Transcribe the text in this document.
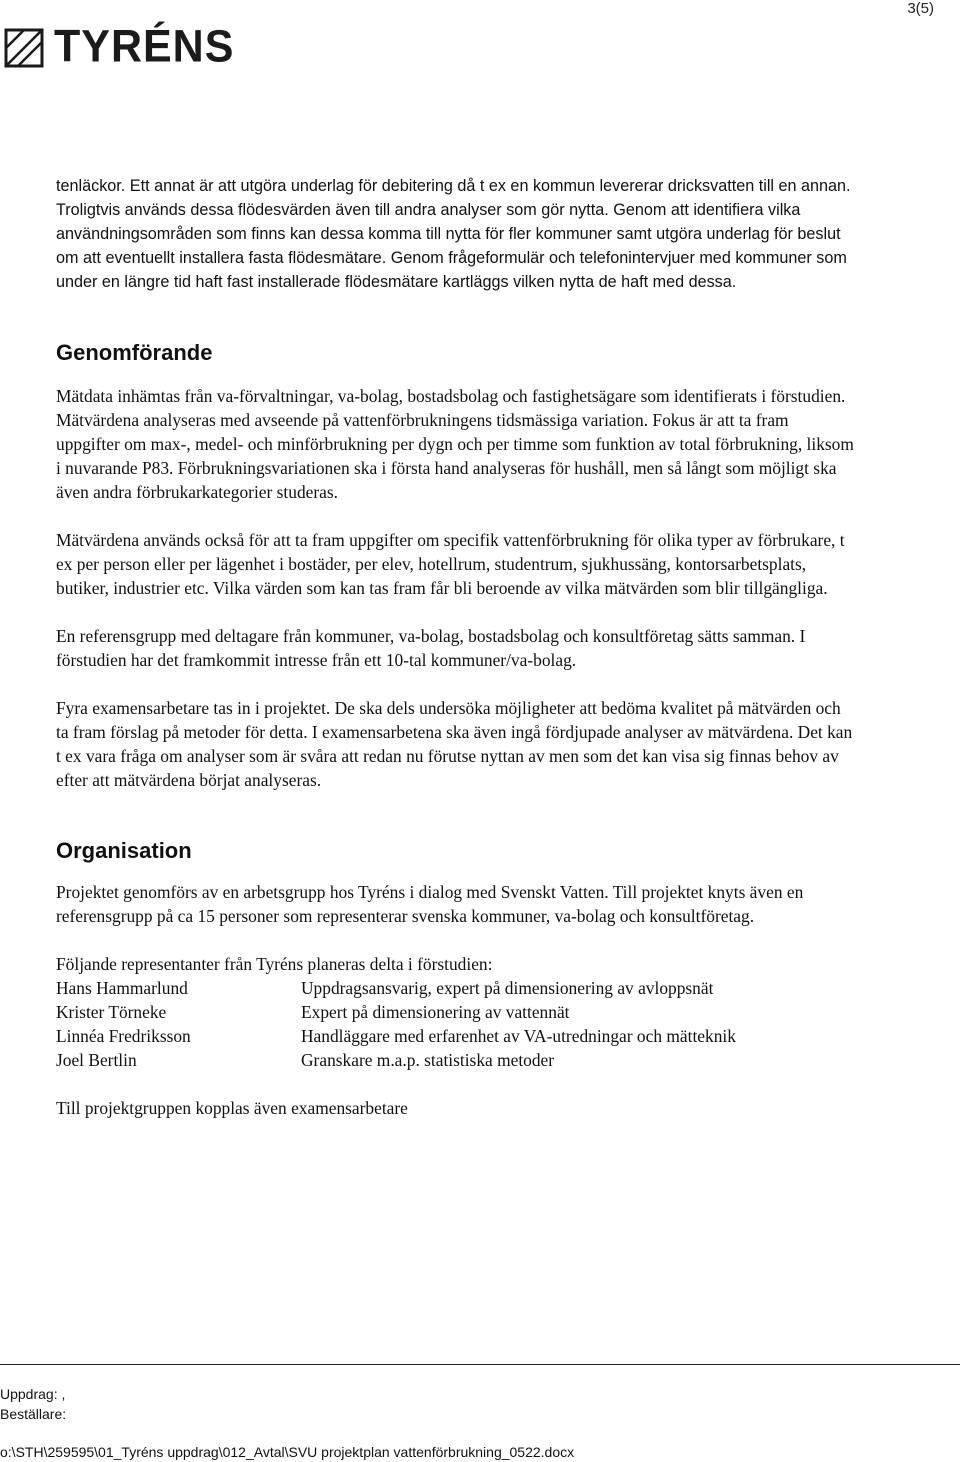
3(5)
TYRÉNS

tenläckor. Ett annat är att utgöra underlag för debitering då t ex en kommun levererar dricksvatten till en annan. Troligtvis används dessa flödesvärden även till andra analyser som gör nytta. Genom att identifiera vilka användningsområden som finns kan dessa komma till nytta för fler kommuner samt utgöra underlag för beslut om att eventuellt installera fasta flödesmätare. Genom frågeformulär och telefonintervjuer med kommuner som under en längre tid haft fast installerade flödesmätare kartläggs vilken nytta de haft med dessa.

Genomförande

Mätdata inhämtas från va-förvaltningar, va-bolag, bostadsbolag och fastighetsägare som identifierats i förstudien. Mätvärdena analyseras med avseende på vattenförbrukningens tidsmässiga variation. Fokus är att ta fram uppgifter om max-, medel- och minförbrukning per dygn och per timme som funktion av total förbrukning, liksom i nuvarande P83. Förbrukningsvariationen ska i första hand analyseras för hushåll, men så långt som möjligt ska även andra förbrukarkategorier studeras.

Mätvärdena används också för att ta fram uppgifter om specifik vattenförbrukning för olika typer av förbrukare, t ex per person eller per lägenhet i bostäder, per elev, hotellrum, studentrum, sjukhussäng, kontorsarbetsplats, butiker, industrier etc. Vilka värden som kan tas fram får bli beroende av vilka mätvärden som blir tillgängliga.

En referensgrupp med deltagare från kommuner, va-bolag, bostadsbolag och konsultföretag sätts samman. I förstudien har det framkommit intresse från ett 10-tal kommuner/va-bolag.

Fyra examensarbetare tas in i projektet. De ska dels undersöka möjligheter att bedöma kvalitet på mätvärden och ta fram förslag på metoder för detta. I examensarbetena ska även ingå fördjupade analyser av mätvärdena. Det kan t ex vara fråga om analyser som är svåra att redan nu förutse nyttan av men som det kan visa sig finnas behov av efter att mätvärdena börjat analyseras.

Organisation

Projektet genomförs av en arbetsgrupp hos Tyréns i dialog med Svenskt Vatten. Till projektet knyts även en referensgrupp på ca 15 personer som representerar svenska kommuner, va-bolag och konsultföretag.

Följande representanter från Tyréns planeras delta i förstudien:

Hans Hammarlund	Uppdragsansvarig, expert på dimensionering av avloppsnät
Krister Törneke	Expert på dimensionering av vattennät
Linnéa Fredriksson	Handläggare med erfarenhet av VA-utredningar och mätteknik
Joel Bertlin	Granskare m.a.p. statistiska metoder

Till projektgruppen kopplas även examensarbetare

Uppdrag: ,
Beställare:
o:\STH\259595\01_Tyréns uppdrag\012_Avtal\SVU projektplan vattenförbrukning_0522.docx
